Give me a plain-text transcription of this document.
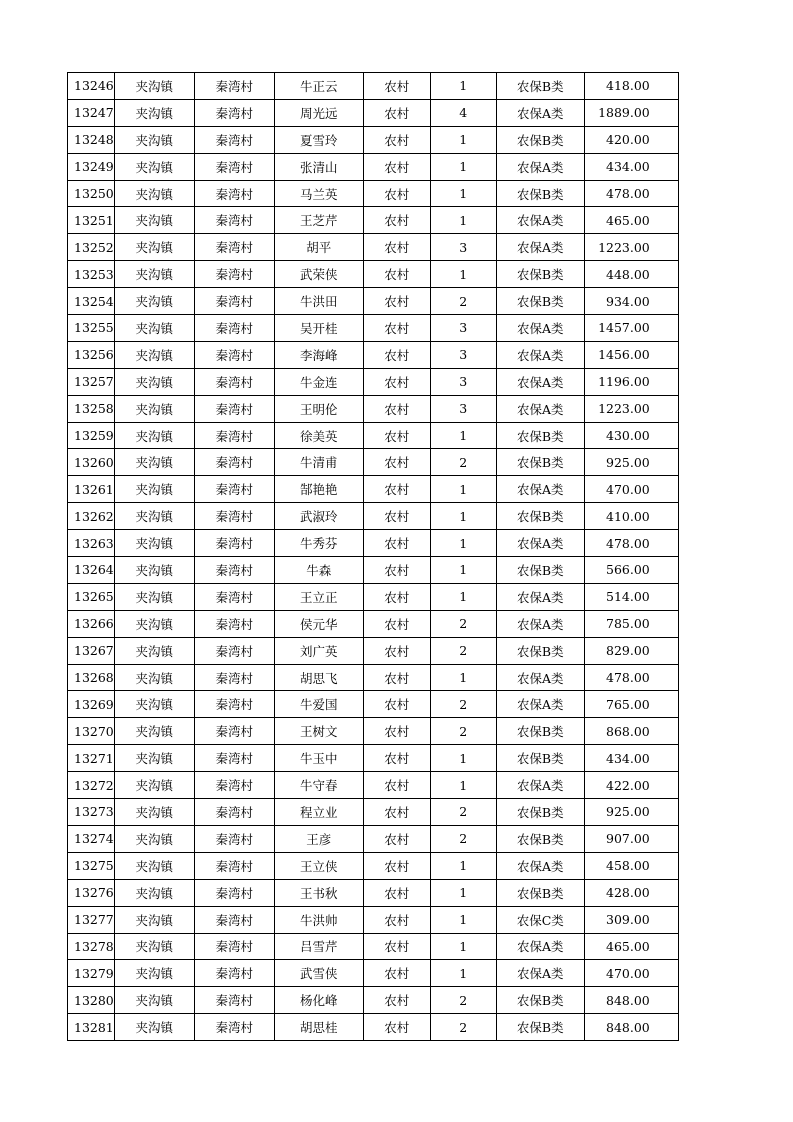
13246	夹沟镇	秦湾村	牛正云	农村	1	农保B类	418.00
13247	夹沟镇	秦湾村	周光远	农村	4	农保A类	1889.00
13248	夹沟镇	秦湾村	夏雪玲	农村	1	农保B类	420.00
13249	夹沟镇	秦湾村	张清山	农村	1	农保A类	434.00
13250	夹沟镇	秦湾村	马兰英	农村	1	农保B类	478.00
13251	夹沟镇	秦湾村	王芝芹	农村	1	农保A类	465.00
13252	夹沟镇	秦湾村	胡平	农村	3	农保A类	1223.00
13253	夹沟镇	秦湾村	武荣侠	农村	1	农保B类	448.00
13254	夹沟镇	秦湾村	牛洪田	农村	2	农保B类	934.00
13255	夹沟镇	秦湾村	吴开桂	农村	3	农保A类	1457.00
13256	夹沟镇	秦湾村	李海峰	农村	3	农保A类	1456.00
13257	夹沟镇	秦湾村	牛金连	农村	3	农保A类	1196.00
13258	夹沟镇	秦湾村	王明伦	农村	3	农保A类	1223.00
13259	夹沟镇	秦湾村	徐美英	农村	1	农保B类	430.00
13260	夹沟镇	秦湾村	牛清甫	农村	2	农保B类	925.00
13261	夹沟镇	秦湾村	郜艳艳	农村	1	农保A类	470.00
13262	夹沟镇	秦湾村	武淑玲	农村	1	农保B类	410.00
13263	夹沟镇	秦湾村	牛秀芬	农村	1	农保A类	478.00
13264	夹沟镇	秦湾村	牛森	农村	1	农保B类	566.00
13265	夹沟镇	秦湾村	王立正	农村	1	农保A类	514.00
13266	夹沟镇	秦湾村	侯元华	农村	2	农保A类	785.00
13267	夹沟镇	秦湾村	刘广英	农村	2	农保B类	829.00
13268	夹沟镇	秦湾村	胡思飞	农村	1	农保A类	478.00
13269	夹沟镇	秦湾村	牛爱国	农村	2	农保A类	765.00
13270	夹沟镇	秦湾村	王树文	农村	2	农保B类	868.00
13271	夹沟镇	秦湾村	牛玉中	农村	1	农保B类	434.00
13272	夹沟镇	秦湾村	牛守春	农村	1	农保A类	422.00
13273	夹沟镇	秦湾村	程立业	农村	2	农保B类	925.00
13274	夹沟镇	秦湾村	王彦	农村	2	农保B类	907.00
13275	夹沟镇	秦湾村	王立侠	农村	1	农保A类	458.00
13276	夹沟镇	秦湾村	王书秋	农村	1	农保B类	428.00
13277	夹沟镇	秦湾村	牛洪帅	农村	1	农保C类	309.00
13278	夹沟镇	秦湾村	吕雪芹	农村	1	农保A类	465.00
13279	夹沟镇	秦湾村	武雪侠	农村	1	农保A类	470.00
13280	夹沟镇	秦湾村	杨化峰	农村	2	农保B类	848.00
13281	夹沟镇	秦湾村	胡思桂	农村	2	农保B类	848.00
